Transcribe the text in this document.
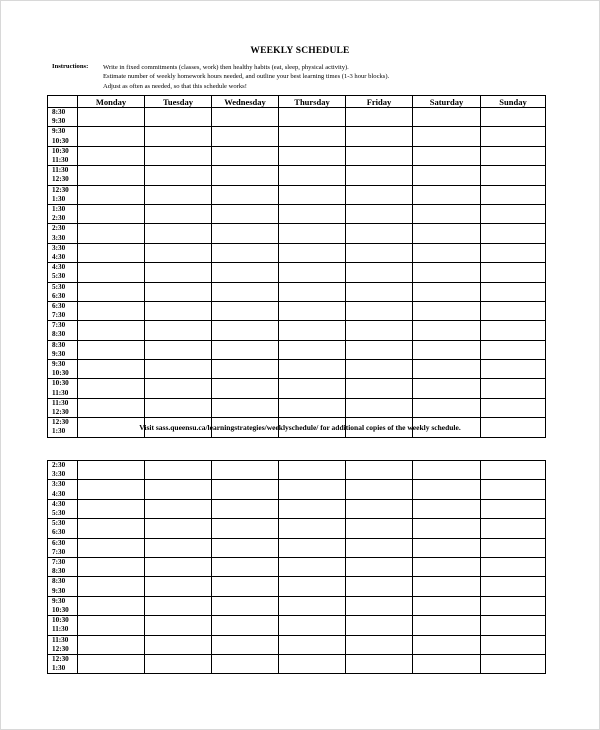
WEEKLY SCHEDULE
Instructions: Write in fixed commitments (classes, work) then healthy habits (eat, sleep, physical activity).
Estimate number of weekly homework hours needed, and outline your best learning times (1-3 hour blocks).
Adjust as often as needed, so that this schedule works!
	Monday	Tuesday	Wednesday	Thursday	Friday	Saturday	Sunday

8:30
9:30							

9:30
10:30							

10:30
11:30							

11:30
12:30							

12:30
1:30							

1:30
2:30							

2:30
3:30							

3:30
4:30							

4:30
5:30							

5:30
6:30							

6:30
7:30							

7:30
8:30							

8:30
9:30							

9:30
10:30							

10:30
11:30							

11:30
12:30							

12:30
1:30							
								Visit sass.queensu.ca/learningstrategies/weeklyschedule/ for additional copies of the weekly schedule.
2:30
3:30							

3:30
4:30							

4:30
5:30							

5:30
6:30							

6:30
7:30							

7:30
8:30							

8:30
9:30							

9:30
10:30							

10:30
11:30							

11:30
12:30							

12:30
1:30							
